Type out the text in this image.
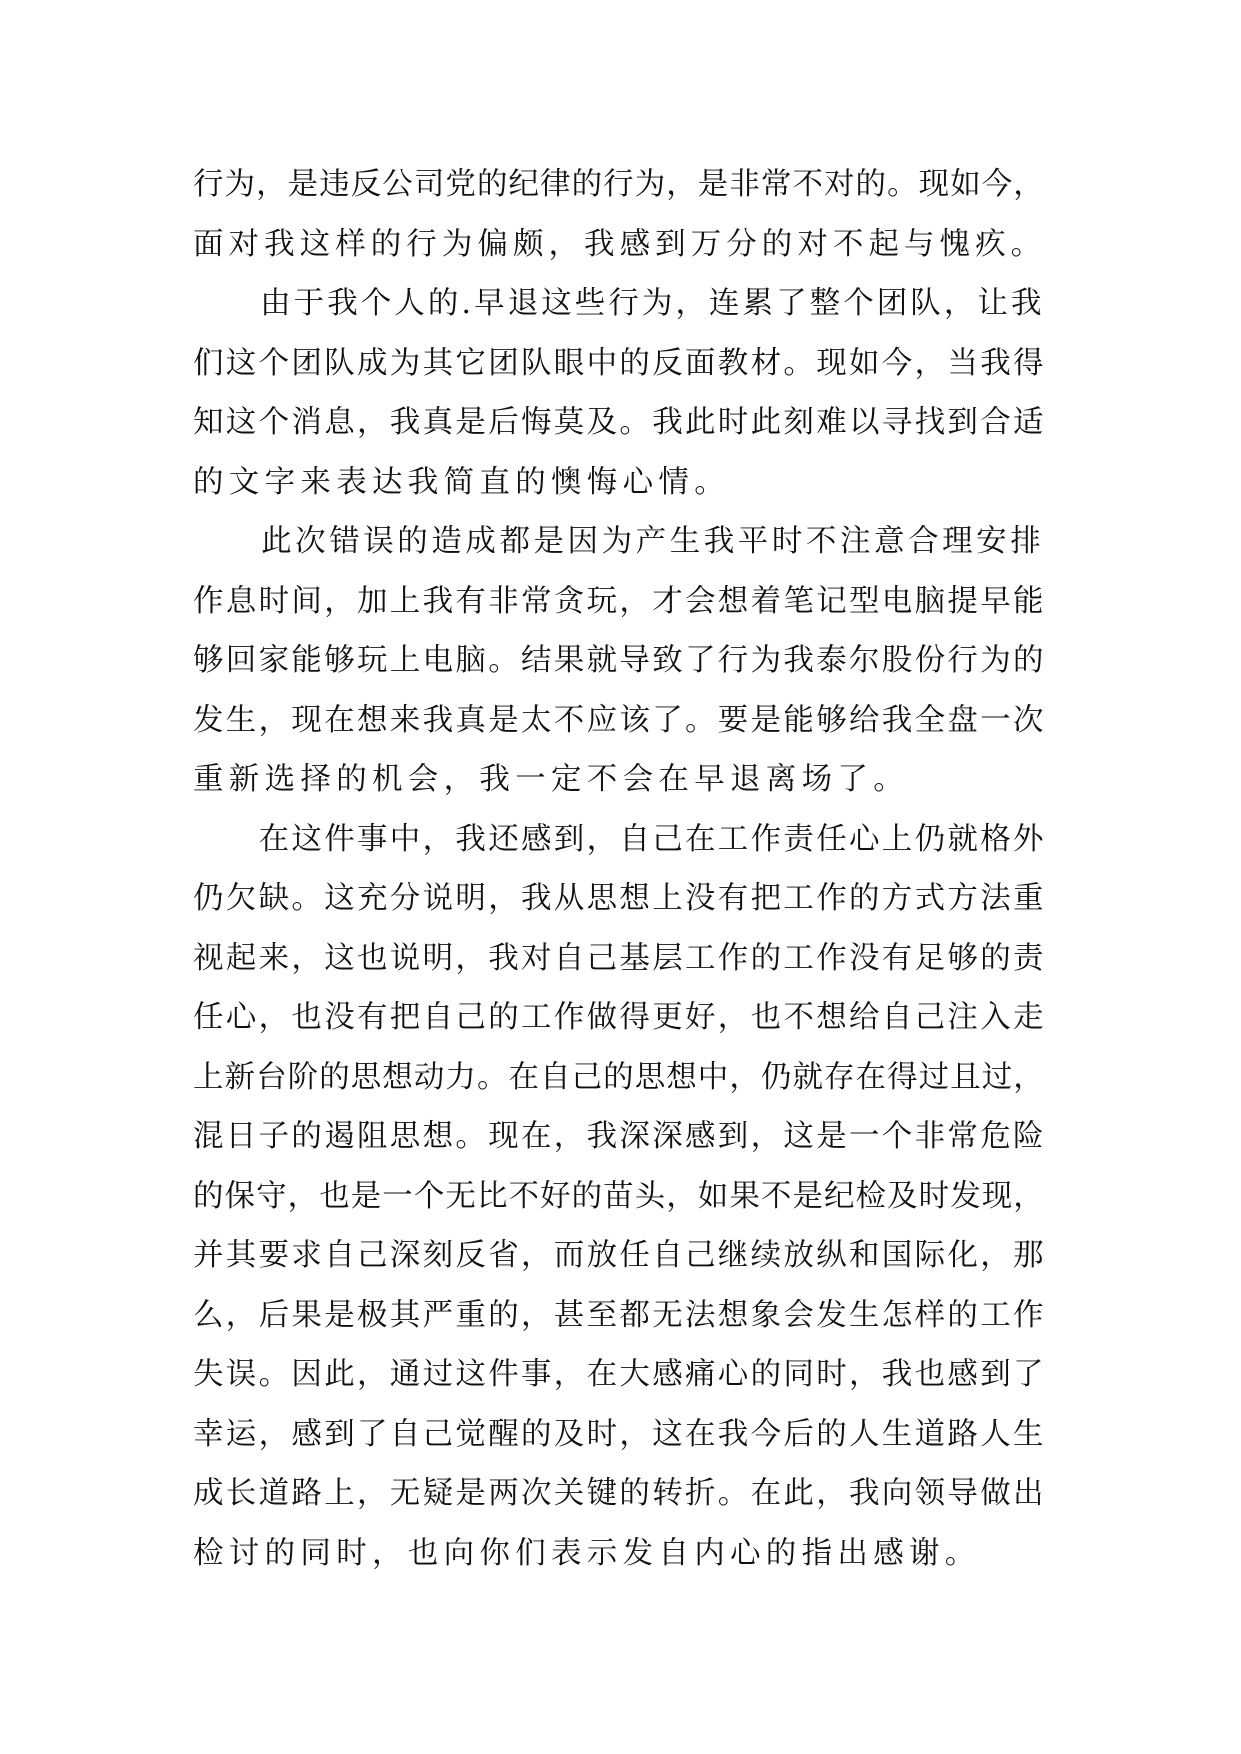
行为，是违反公司党的纪律的行为，是非常不对的。现如今，
面对我这样的行为偏颇，我感到万分的对不起与愧疚。
　　由于我个人的.早退这些行为，连累了整个团队，让我
们这个团队成为其它团队眼中的反面教材。现如今，当我得
知这个消息，我真是后悔莫及。我此时此刻难以寻找到合适
的文字来表达我简直的懊悔心情。
　　此次错误的造成都是因为产生我平时不注意合理安排
作息时间，加上我有非常贪玩，才会想着笔记型电脑提早能
够回家能够玩上电脑。结果就导致了行为我泰尔股份行为的
发生，现在想来我真是太不应该了。要是能够给我全盘一次
重新选择的机会，我一定不会在早退离场了。
　　在这件事中，我还感到，自己在工作责任心上仍就格外
仍欠缺。这充分说明，我从思想上没有把工作的方式方法重
视起来，这也说明，我对自己基层工作的工作没有足够的责
任心，也没有把自己的工作做得更好，也不想给自己注入走
上新台阶的思想动力。在自己的思想中，仍就存在得过且过，
混日子的遏阻思想。现在，我深深感到，这是一个非常危险
的保守，也是一个无比不好的苗头，如果不是纪检及时发现，
并其要求自己深刻反省，而放任自己继续放纵和国际化，那
么，后果是极其严重的，甚至都无法想象会发生怎样的工作
失误。因此，通过这件事，在大感痛心的同时，我也感到了
幸运，感到了自己觉醒的及时，这在我今后的人生道路人生
成长道路上，无疑是两次关键的转折。在此，我向领导做出
检讨的同时，也向你们表示发自内心的指出感谢。
